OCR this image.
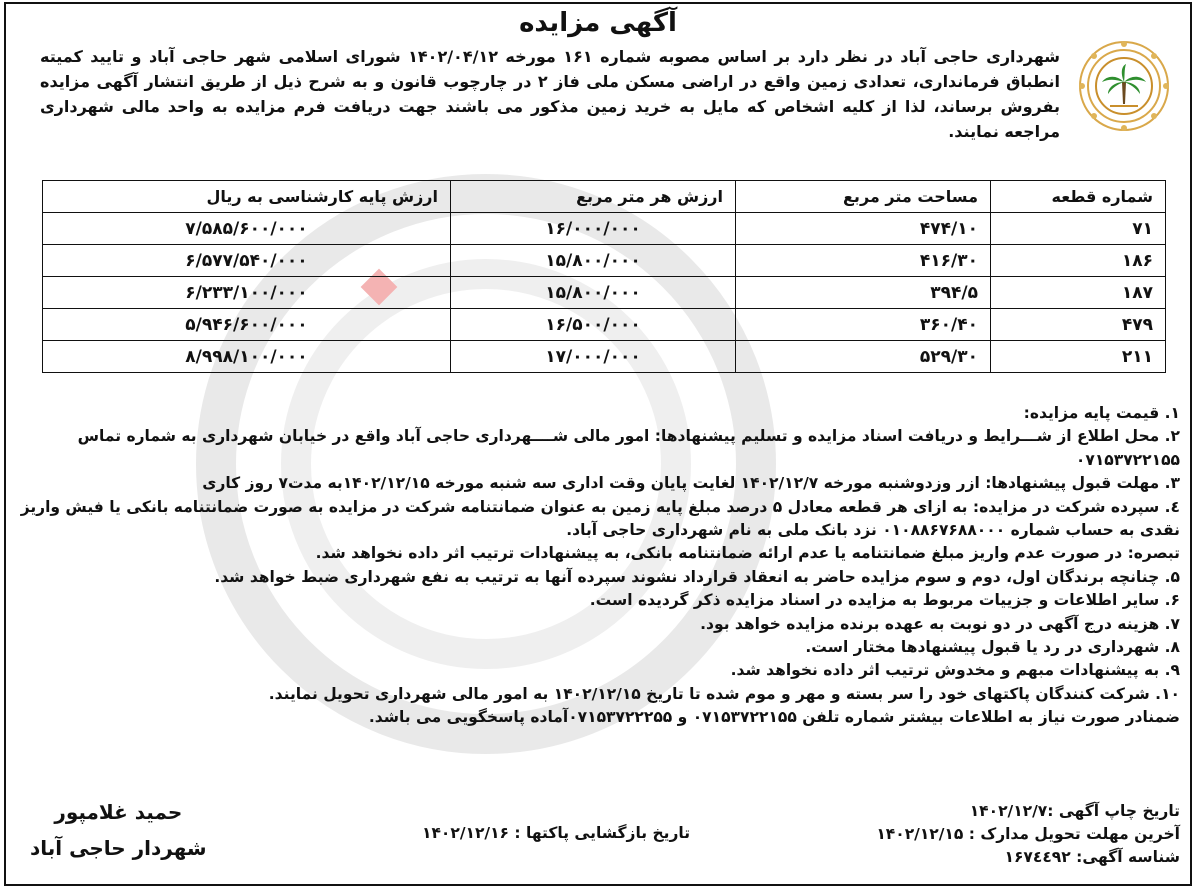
آگهی مزایده
شهرداری حاجی آباد در نظر دارد بر اساس مصوبه شماره ۱۶۱ مورخه ۱۴۰۲/۰۴/۱۲ شورای اسلامی شهر حاجی آباد و تایید کمیته انطباق فرمانداری، تعدادی زمین واقع در اراضی مسکن ملی فاز ۲ در چارچوب قانون و به شرح ذیل از طریق انتشار آگهی مزایده بفروش برساند، لذا از کلیه اشخاص که مایل به خرید زمین مذکور می باشند جهت دریافت فرم مزایده به واحد مالی شهرداری مراجعه نمایند.
شماره قطعه	مساحت متر مربع	ارزش هر متر مربع	ارزش پایه کارشناسی به ریال
۷۱	۴۷۴/۱۰	۱۶/۰۰۰/۰۰۰	۷/۵۸۵/۶۰۰/۰۰۰
۱۸۶	۴۱۶/۳۰	۱۵/۸۰۰/۰۰۰	۶/۵۷۷/۵۴۰/۰۰۰
۱۸۷	۳۹۴/۵	۱۵/۸۰۰/۰۰۰	۶/۲۳۳/۱۰۰/۰۰۰
۴۷۹	۳۶۰/۴۰	۱۶/۵۰۰/۰۰۰	۵/۹۴۶/۶۰۰/۰۰۰
۲۱۱	۵۲۹/۳۰	۱۷/۰۰۰/۰۰۰	۸/۹۹۸/۱۰۰/۰۰۰

۱. قیمت پایه مزایده:

۲. محل اطلاع از شـــرایط و دریافت اسناد مزایده و تسلیم پیشنهادها: امور مالی شــــهرداری حاجی آباد واقع در خیابان شهرداری به شماره تماس ۰۷۱۵۳۷۲۲۱۵۵

۳. مهلت قبول پیشنهادها: ازر وزدوشنبه مورخه ۱۴۰۲/۱۲/۷ لغایت پایان وقت اداری سه شنبه مورخه ۱۴۰۲/۱۲/۱۵به مدت۷ روز کاری

٤. سپرده شرکت در مزایده: به ازای هر قطعه معادل ۵ درصد مبلغ پایه زمین به عنوان ضمانتنامه شرکت در مزایده به صورت ضمانتنامه بانکی یا فیش واریز نقدی به حساب شماره ۰۱۰۸۸۶۷۶۸۸۰۰۰ نزد بانک ملی به نام شهرداری حاجی آباد.

تبصره: در صورت عدم واریز مبلغ ضمانتنامه یا عدم ارائه ضمانتنامه بانکی، به پیشنهادات ترتیب اثر داده نخواهد شد.

۵. چنانچه برندگان اول، دوم و سوم مزایده حاضر به انعقاد قرارداد نشوند سپرده آنها به ترتیب به نفع شهرداری ضبط خواهد شد.

۶. سایر اطلاعات و جزییات مربوط به مزایده در اسناد مزایده ذکر گردیده است.

۷. هزینه درج آگهی در دو نوبت به عهده برنده مزایده خواهد بود.

۸. شهرداری در رد یا قبول پیشنهادها مختار است.

۹. به پیشنهادات مبهم و مخدوش ترتیب اثر داده نخواهد شد.

۱۰. شرکت کنندگان پاکتهای خود را سر بسته و مهر و موم شده تا تاریخ ۱۴۰۲/۱۲/۱۵ به امور مالی شهرداری تحویل نمایند.

ضمنادر صورت نیاز به اطلاعات بیشتر شماره تلفن ۰۷۱۵۳۷۲۲۱۵۵ و ۰۷۱۵۳۷۲۲۲۵۵آماده پاسخگویی می باشد.

تاریخ چاپ آگهی :۱۴۰۲/۱۲/۷
آخرین مهلت تحویل مدارک : ۱۴۰۲/۱۲/۱۵
شناسه آگهی: ۱۶۷٤٤۹۲
تاریخ بازگشایی پاکتها : ۱۴۰۲/۱۲/۱۶
حمید غلامپور
شهردار حاجی آباد
